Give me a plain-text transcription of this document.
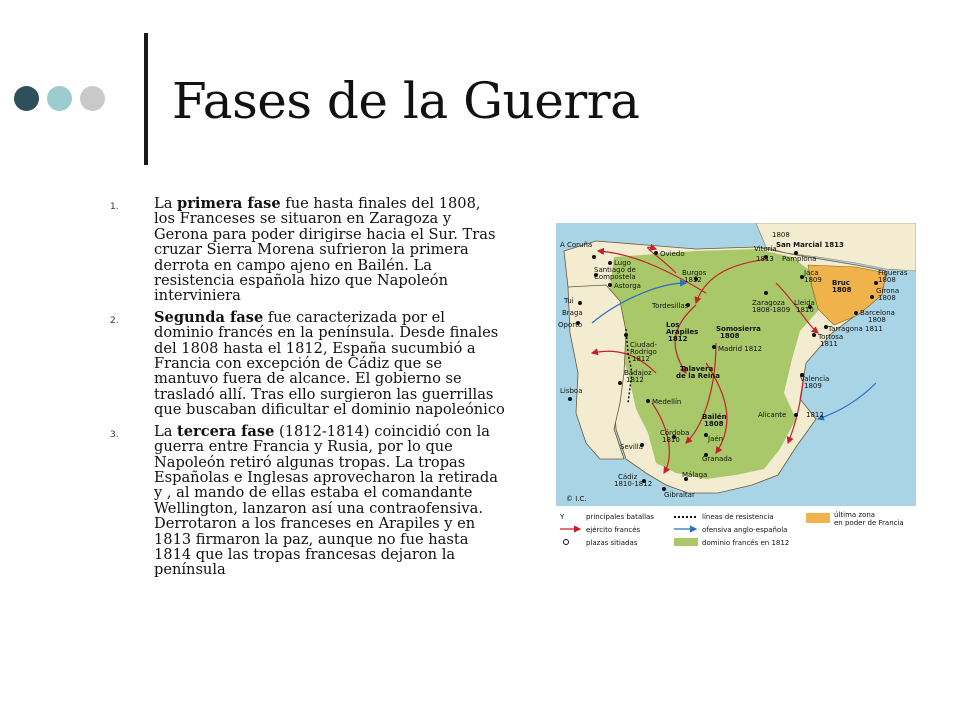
Fases de la Guerra
1. La primera fase fue hasta finales del 1808, los Franceses se situaron en Zaragoza y Gerona para poder dirigirse hacia el Sur. Tras cruzar Sierra Morena sufrieron la primera derrota en campo ajeno en Bailén. La resistencia española hizo que Napoleón interviniera
2. Segunda fase fue caracterizada por el dominio francés en la península. Desde finales del 1808 hasta el 1812, España sucumbió a Francia con excepción de Cádiz que se mantuvo fuera de alcance. El gobierno se trasladó allí. Tras ello surgieron las guerrillas que buscaban dificultar el dominio napoleónico
3. La tercera fase (1812-1814) coincidió con la guerra entre Francia y Rusia, por lo que Napoleón retiró algunas tropas. La tropas Españolas e Inglesas aprovecharon la retirada y , al mando de ellas estaba el comandante Wellington, lanzaron así una contraofensiva. Derrotaron a los franceses en Arapiles y en 1813 firmaron la paz, aunque no fue hasta 1814 que las tropas francesas dejaron la península
A Coruña
Lugo
Oviedo
Santiago de
Compostela
Astorga
Tui
Braga
Oporto
Vitoria
1813
San Marcial 1813
1808
Pamplona
Jaca
1809
Burgos
1812
Tordesillas	Zaragoza
1808-1809
Lleida
1810
Bruc
1808
Figueras
1808
Girona
1808
Barcelona
1808
Tarragona 1811
Tortosa
1811
Los
Arapiles
1812
Somosierra
1808
Ciudad-
Rodrigo
1812
Madrid 1812
Talavera
de la Reina
Lisboa
Badajoz
1812
Medellín
Valencia
1809
Alicante	1812
Bailén
1808
Córdoba
1810	Jaén
Sevilla
Granada
Málaga
Cádiz
1810-1812
Gibraltar
© I.C.
Y	principales batallas
ejército francés
plazas sitiadas
líneas de resistencia
ofensiva anglo-española
dominio francés en 1812
última zona
en poder de Francia
